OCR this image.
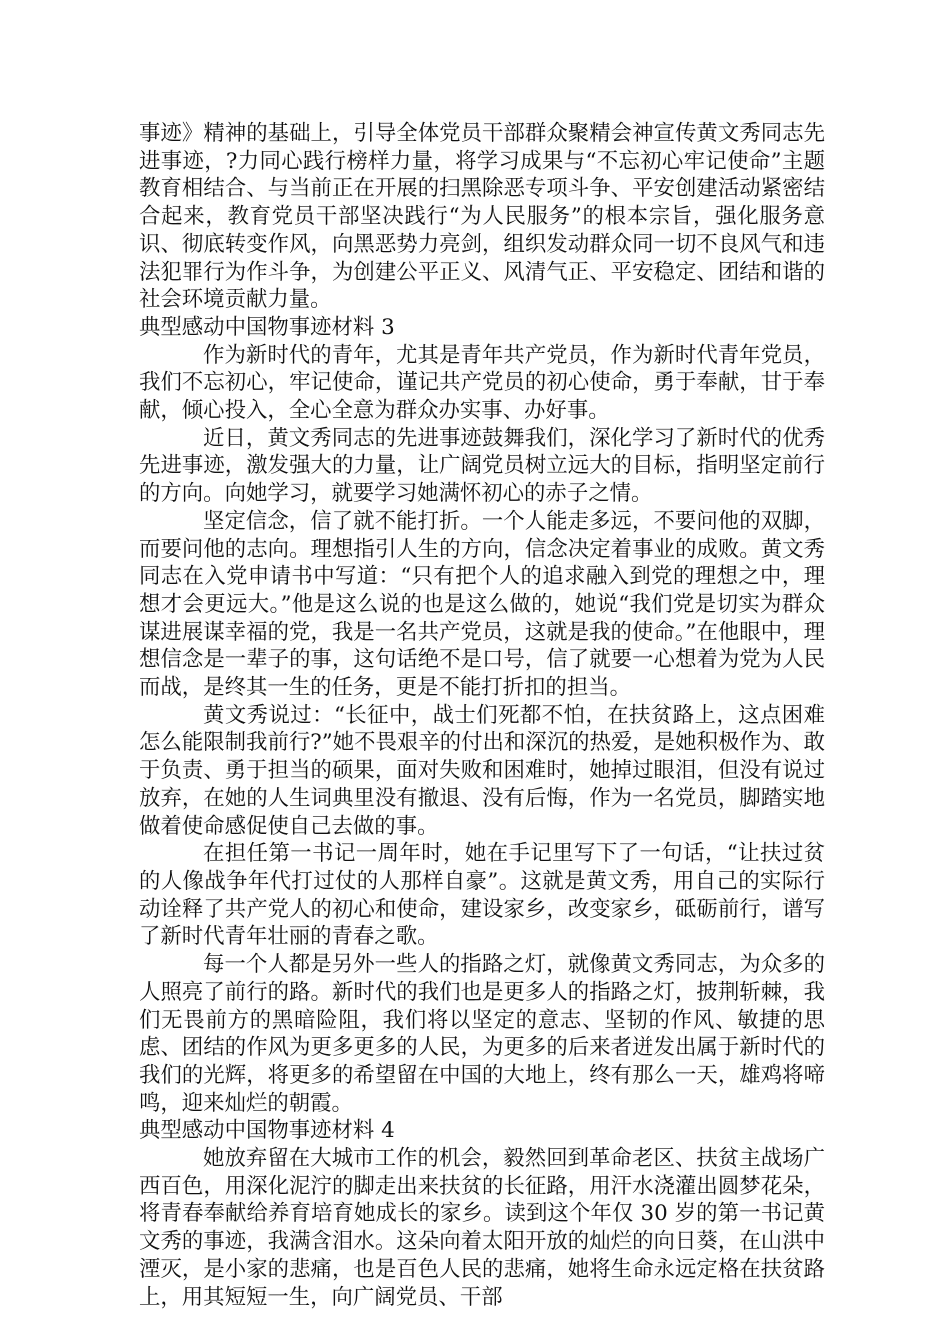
事迹》精神的基础上，引导全体党员干部群众聚精会神宣传黄文秀同志先进事迹，?力同心践行榜样力量，将学习成果与“不忘初心牢记使命”主题教育相结合、与当前正在开展的扫黑除恶专项斗争、平安创建活动紧密结合起来，教育党员干部坚决践行“为人民服务”的根本宗旨，强化服务意识、彻底转变作风，向黑恶势力亮剑，组织发动群众同一切不良风气和违法犯罪行为作斗争，为创建公平正义、风清气正、平安稳定、团结和谐的社会环境贡献力量。

典型感动中国物事迹材料 3

作为新时代的青年，尤其是青年共产党员，作为新时代青年党员，我们不忘初心，牢记使命，谨记共产党员的初心使命，勇于奉献，甘于奉献，倾心投入，全心全意为群众办实事、办好事。

近日，黄文秀同志的先进事迹鼓舞我们，深化学习了新时代的优秀先进事迹，激发强大的力量，让广阔党员树立远大的目标，指明坚定前行的方向。向她学习，就要学习她满怀初心的赤子之情。

坚定信念，信了就不能打折。一个人能走多远，不要问他的双脚，而要问他的志向。理想指引人生的方向，信念决定着事业的成败。黄文秀同志在入党申请书中写道：“只有把个人的追求融入到党的理想之中，理想才会更远大。”他是这么说的也是这么做的，她说“我们党是切实为群众谋进展谋幸福的党，我是一名共产党员，这就是我的使命。”在他眼中，理想信念是一辈子的事，这句话绝不是口号，信了就要一心想着为党为人民而战，是终其一生的任务，更是不能打折扣的担当。

黄文秀说过：“长征中，战士们死都不怕，在扶贫路上，这点困难怎么能限制我前行?”她不畏艰辛的付出和深沉的热爱，是她积极作为、敢于负责、勇于担当的硕果，面对失败和困难时，她掉过眼泪，但没有说过放弃，在她的人生词典里没有撤退、没有后悔，作为一名党员，脚踏实地做着使命感促使自己去做的事。

在担任第一书记一周年时，她在手记里写下了一句话，“让扶过贫的人像战争年代打过仗的人那样自豪”。这就是黄文秀，用自己的实际行动诠释了共产党人的初心和使命，建设家乡，改变家乡，砥砺前行，谱写了新时代青年壮丽的青春之歌。

每一个人都是另外一些人的指路之灯，就像黄文秀同志，为众多的人照亮了前行的路。新时代的我们也是更多人的指路之灯，披荆斩棘，我们无畏前方的黑暗险阻，我们将以坚定的意志、坚韧的作风、敏捷的思虑、团结的作风为更多更多的人民，为更多的后来者迸发出属于新时代的我们的光辉，将更多的希望留在中国的大地上，终有那么一天，雄鸡将啼鸣，迎来灿烂的朝霞。

典型感动中国物事迹材料 4

她放弃留在大城市工作的机会，毅然回到革命老区、扶贫主战场广西百色，用深化泥泞的脚走出来扶贫的长征路，用汗水浇灌出圆梦花朵，将青春奉献给养育培育她成长的家乡。读到这个年仅 30 岁的第一书记黄文秀的事迹，我满含泪水。这朵向着太阳开放的灿烂的向日葵，在山洪中湮灭，是小家的悲痛，也是百色人民的悲痛，她将生命永远定格在扶贫路上，用其短短一生，向广阔党员、干部
